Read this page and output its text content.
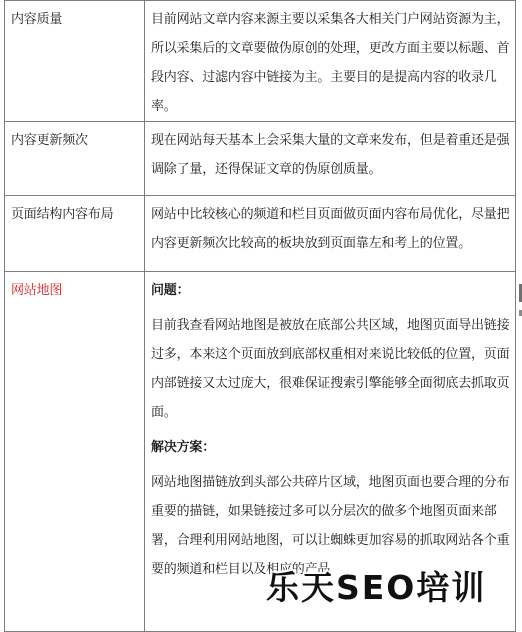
内容质量	目前网站文章内容来源主要以采集各大相关门户网站资源为主，所以采集后的文章要做伪原创的处理，更改方面主要以标题、首段内容、过滤内容中链接为主。主要目的是提高内容的收录几率。

内容更新频次	现在网站每天基本上会采集大量的文章来发布，但是着重还是强调除了量，还得保证文章的伪原创质量。

页面结构内容布局	网站中比较核心的频道和栏目页面做页面内容布局优化，尽量把内容更新频次比较高的板块放到页面靠左和考上的位置。

网站地图	问题：
目前我查看网站地图是被放在底部公共区域，地图页面导出链接过多，本来这个页面放到底部权重相对来说比较低的位置，页面内部链接又太过庞大，很难保证搜索引擎能够全面彻底去抓取页面。
解决方案：
网站地图描链放到头部公共碎片区域，地图页面也要合理的分布重要的描链，如果链接过多可以分层次的做多个地图页面来部署，合理利用网站地图，可以让蜘蛛更加容易的抓取网站各个重要的频道和栏目以及相应的产品
乐天SEO培训
